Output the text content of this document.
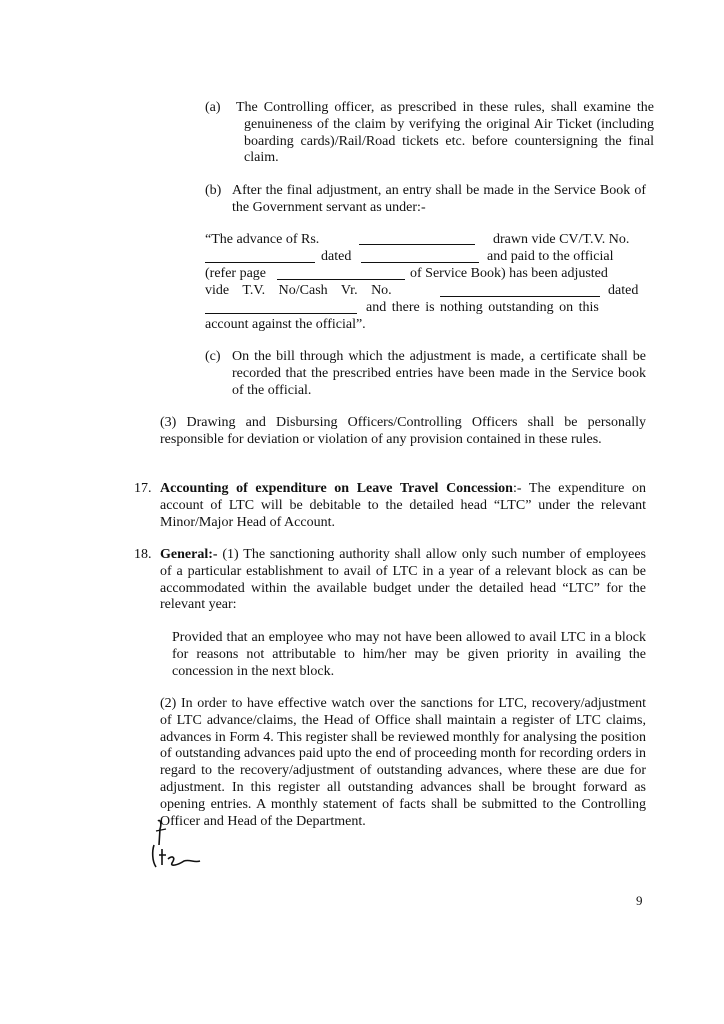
(a) The Controlling officer, as prescribed in these rules, shall examine the genuineness of the claim by verifying the original Air Ticket (including boarding cards)/Rail/Road tickets etc. before countersigning the final claim.

(b) After the final adjustment, an entry shall be made in the Service Book of the Government servant as under:-

“The advance of Rs.	drawn vide CV/T.V. No.
dated	and paid to the official
(refer page	of Service Book) has been adjusted
vide T.V. No/Cash Vr. No.	dated
and there is nothing outstanding on this
account against the official”.
(c) On the bill through which the adjustment is made, a certificate shall be recorded that the prescribed entries have been made in the Service book of the official.

(3) Drawing and Disbursing Officers/Controlling Officers shall be personally responsible for deviation or violation of any provision contained in these rules.

17. Accounting of expenditure on Leave Travel Concession:- The expenditure on account of LTC will be debitable to the detailed head “LTC” under the relevant Minor/Major Head of Account.

18. General:- (1) The sanctioning authority shall allow only such number of employees of a particular establishment to avail of LTC in a year of a relevant block as can be accommodated within the available budget under the detailed head “LTC” for the relevant year:

Provided that an employee who may not have been allowed to avail LTC in a block for reasons not attributable to him/her may be given priority in availing the concession in the next block.

(2) In order to have effective watch over the sanctions for LTC, recovery/adjustment of LTC advance/claims, the Head of Office shall maintain a register of LTC claims, advances in Form 4. This register shall be reviewed monthly for analysing the position of outstanding advances paid upto the end of proceeding month for recording orders in regard to the recovery/adjustment of outstanding advances, where these are due for adjustment. In this register all outstanding advances shall be brought forward as opening entries. A monthly statement of facts shall be submitted to the Controlling Officer and Head of the Department.

9
